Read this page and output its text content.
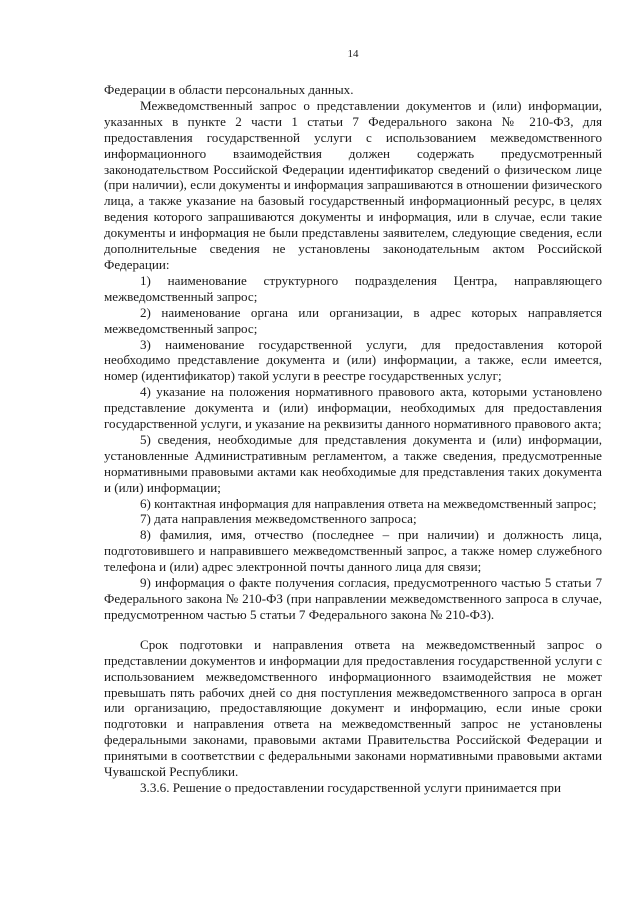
14

Федерации в области персональных данных.

Межведомственный запрос о представлении документов и (или) информации, указанных в пункте 2 части 1 статьи 7 Федерального закона № 210-ФЗ, для предоставления государственной услуги с использованием межведомственного информационного взаимодействия должен содержать предусмотренный законодательством Российской Федерации идентификатор сведений о физическом лице (при наличии), если документы и информация запрашиваются в отношении физического лица, а также указание на базовый государственный информационный ресурс, в целях ведения которого запрашиваются документы и информация, или в случае, если такие документы и информация не были представлены заявителем, следующие сведения, если дополнительные сведения не установлены законодательным актом Российской Федерации:

1) наименование структурного подразделения Центра, направляющего межведомственный запрос;

2) наименование органа или организации, в адрес которых направляется межведомственный запрос;

3) наименование государственной услуги, для предоставления которой необходимо представление документа и (или) информации, а также, если имеется, номер (идентификатор) такой услуги в реестре государственных услуг;

4) указание на положения нормативного правового акта, которыми установлено представление документа и (или) информации, необходимых для предоставления государственной услуги, и указание на реквизиты данного нормативного правового акта;

5) сведения, необходимые для представления документа и (или) информации, установленные Административным регламентом, а также сведения, предусмотренные нормативными правовыми актами как необходимые для представления таких документа и (или) информации;

6) контактная информация для направления ответа на межведомственный запрос;

7) дата направления межведомственного запроса;

8) фамилия, имя, отчество (последнее – при наличии) и должность лица, подготовившего и направившего межведомственный запрос, а также номер служебного телефона и (или) адрес электронной почты данного лица для связи;

9) информация о факте получения согласия, предусмотренного частью 5 статьи 7 Федерального закона № 210-ФЗ (при направлении межведомственного запроса в случае, предусмотренном частью 5 статьи 7 Федерального закона № 210-ФЗ).

Срок подготовки и направления ответа на межведомственный запрос о представлении документов и информации для предоставления государственной услуги с использованием межведомственного информационного взаимодействия не может превышать пять рабочих дней со дня поступления межведомственного запроса в орган или организацию, предоставляющие документ и информацию, если иные сроки подготовки и направления ответа на межведомственный запрос не установлены федеральными законами, правовыми актами Правительства Российской Федерации и принятыми в соответствии с федеральными законами нормативными правовыми актами Чувашской Республики.

3.3.6. Решение о предоставлении государственной услуги принимается при
